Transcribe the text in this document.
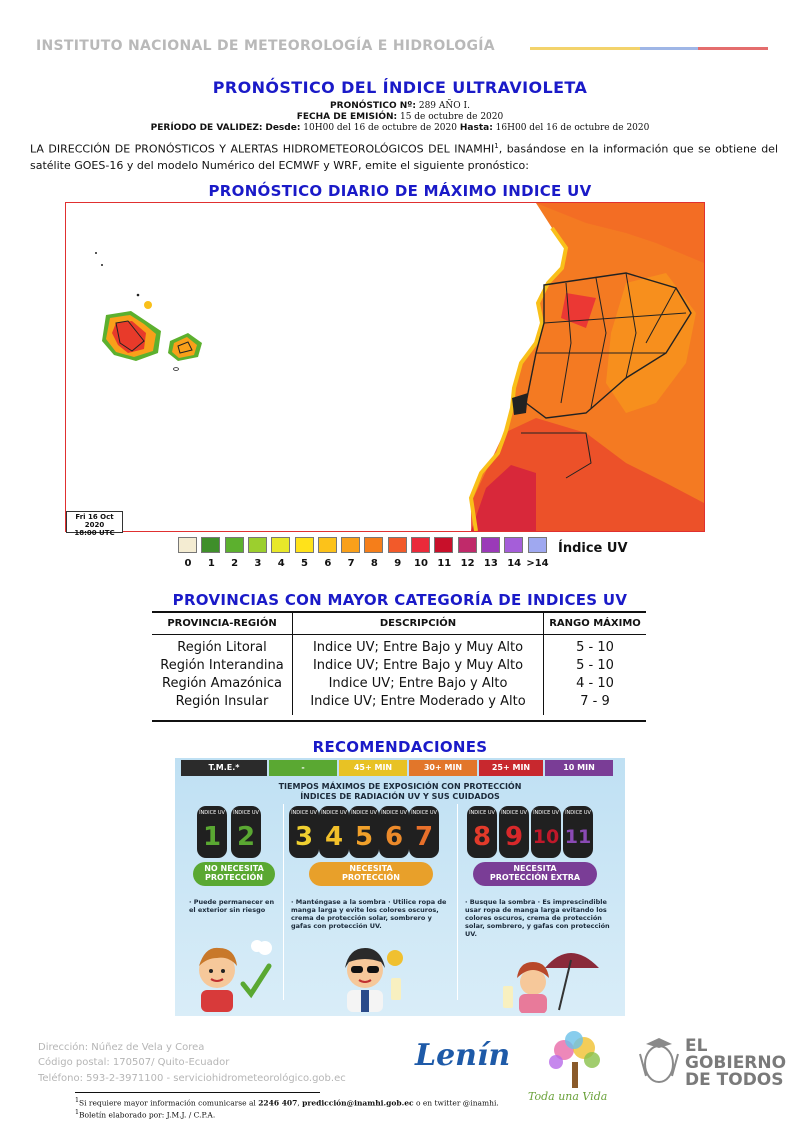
INSTITUTO NACIONAL DE METEOROLOGÍA E HIDROLOGÍA
PRONÓSTICO DEL ÍNDICE ULTRAVIOLETA
PRONÓSTICO Nº: 289 AÑO I.
FECHA DE EMISIÓN: 15 de octubre de 2020
PERÍODO DE VALIDEZ: Desde: 10H00 del 16 de octubre de 2020 Hasta: 16H00 del 16 de octubre de 2020
LA DIRECCIÓN DE PRONÓSTICOS Y ALERTAS HIDROMETEOROLÓGICOS DEL INAMHI$^1$, basándose en la información que se obtiene del satélite GOES-16 y del modelo Numérico del ECMWF y WRF, emite el siguiente pronóstico:
PRONÓSTICO DIARIO DE MÁXIMO INDICE UV
Fri 16 Oct 2020
18:00 UTC
0	1	2	3	4	5	6	7	8	9	10 11 12 13 14 >14
Índice UV
PROVINCIAS CON MAYOR CATEGORÍA DE INDICES UV
PROVINCIA-REGIÓN	DESCRIPCIÓN	RANGO MÁXIMO
Región Litoral	Indice UV; Entre Bajo y Muy Alto	5 - 10
Región Interandina	Indice UV; Entre Bajo y Muy Alto	5 - 10
Región Amazónica	Indice UV; Entre Bajo y Alto	4 - 10
Región Insular	Indice UV; Entre Moderado y Alto	7 - 9
RECOMENDACIONES
T.M.E.*	-	45+ MIN	30+ MIN	25+ MIN	10 MIN
TIEMPOS MÁXIMOS DE EXPOSICIÓN CON PROTECCIÓN
ÍNDICES DE RADIACIÓN UV Y SUS CUIDADOS
ÍNDICE UV
1
ÍNDICE UV
2
ÍNDICE UV
3
ÍNDICE UV
4
ÍNDICE UV
5
ÍNDICE UV
6
ÍNDICE UV
7
ÍNDICE UV
8
ÍNDICE UV
9
ÍNDICE UV
10
ÍNDICE UV
11
NO NECESITA
PROTECCIÓN
NECESITA
PROTECCIÓN
NECESITA
PROTECCIÓN EXTRA
· Puede permanecer en el exterior sin riesgo
· Manténgase a la sombra · Utilice ropa de manga larga y evite los colores oscuros, crema de protección solar, sombrero y gafas con protección UV.
· Busque la sombra · Es imprescindible usar ropa de manga larga evitando los colores oscuros, crema de protección solar, sombrero, y gafas con protección UV.
Dirección: Núñez de Vela y Corea
Código postal: 170507/ Quito-Ecuador
Teléfono: 593-2-3971100 - serviciohidrometeorológico.gob.ec
Lenín
Toda una Vida
EL
GOBIERNO
DE TODOS
$^1$Si requiere mayor información comunicarse al 2246 407, predicción@inamhi.gob.ec o en twitter @inamhi.
$^1$Boletín elaborado por: J.M.J. / C.P.A.
